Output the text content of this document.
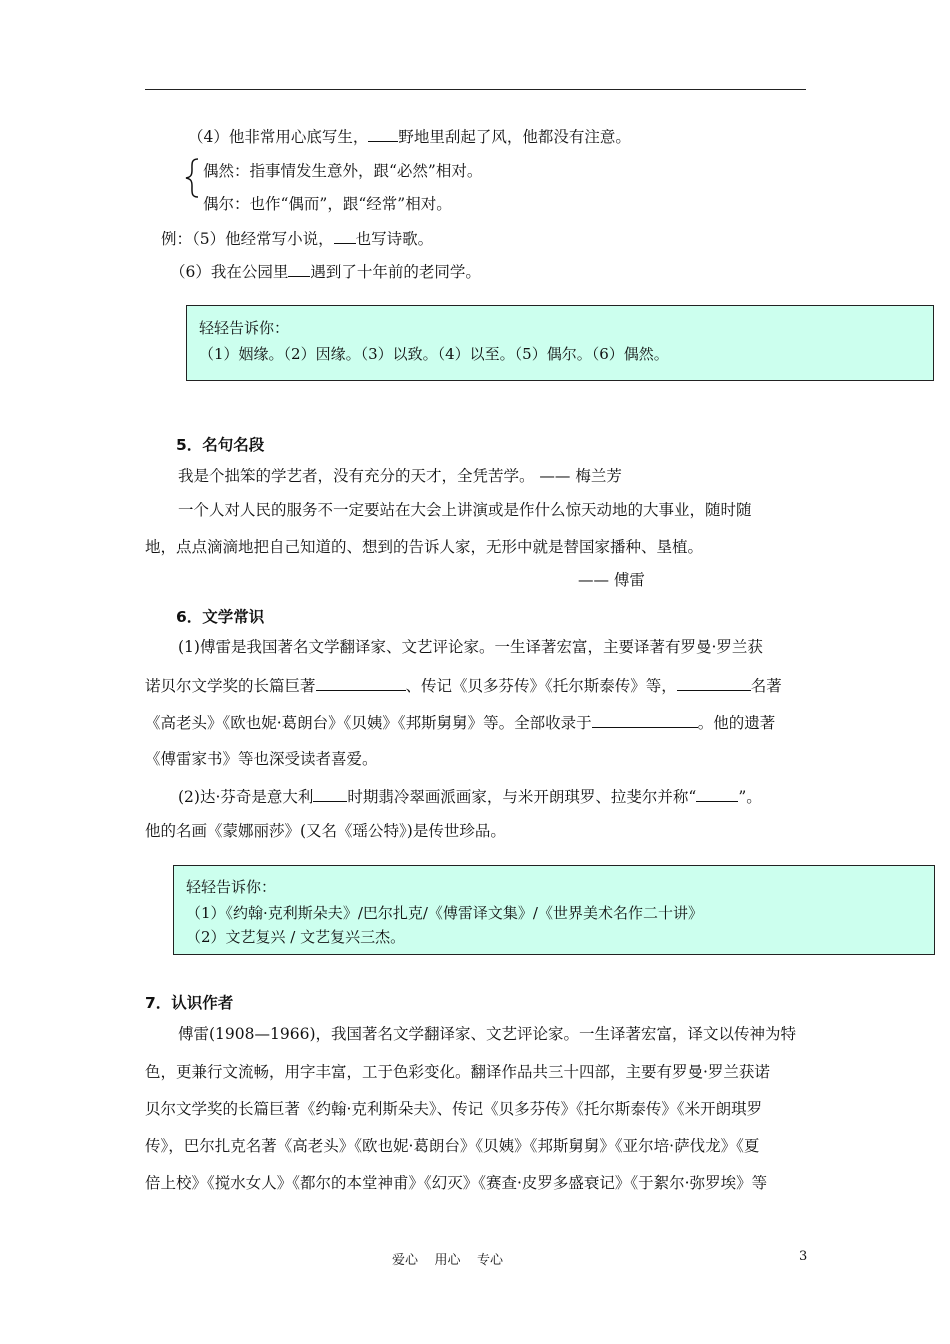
（4）他非常用心底写生， 野地里刮起了风，他都没有注意。
偶然：指事情发生意外，跟“必然”相对。
偶尔：也作“偶而”，跟“经常”相对。
例：（5）他经常写小说， 也写诗歌。
（6）我在公园里 遇到了十年前的老同学。
轻轻告诉你：
（1）姻缘。（2）因缘。（3）以致。（4）以至。（5）偶尔。（6）偶然。
5．名句名段
我是个拙笨的学艺者，没有充分的天才，全凭苦学。 —— 梅兰芳
一个人对人民的服务不一定要站在大会上讲演或是作什么惊天动地的大事业，随时随
地，点点滴滴地把自己知道的、想到的告诉人家，无形中就是替国家播种、垦植。
—— 傅雷
6．文学常识
(1)傅雷是我国著名文学翻译家、文艺评论家。一生译著宏富，主要译著有罗曼·罗兰获
诺贝尔文学奖的长篇巨著	、传记《贝多芬传》《托尔斯泰传》等，	名著
《高老头》《欧也妮·葛朗台》《贝姨》《邦斯舅舅》等。全部收录于	。他的遗著
《傅雷家书》等也深受读者喜爱。
(2)达·芬奇是意大利 时期翡冷翠画派画家，与米开朗琪罗、拉斐尔并称“	”。
他的名画《蒙娜丽莎》(又名《瑶公特》)是传世珍品。
轻轻告诉你：
（1）《约翰·克利斯朵夫》/巴尔扎克/《傅雷译文集》/《世界美术名作二十讲》
（2）文艺复兴 / 文艺复兴三杰。
7．认识作者
傅雷(1908—1966)，我国著名文学翻译家、文艺评论家。一生译著宏富，译文以传神为特
色，更兼行文流畅，用字丰富，工于色彩变化。翻译作品共三十四部，主要有罗曼·罗兰获诺
贝尔文学奖的长篇巨著《约翰·克利斯朵夫》、传记《贝多芬传》《托尔斯泰传》《米开朗琪罗
传》，巴尔扎克名著《高老头》《欧也妮·葛朗台》《贝姨》《邦斯舅舅》《亚尔培·萨伐龙》《夏
倍上校》《搅水女人》《都尔的本堂神甫》《幻灭》《赛查·皮罗多盛衰记》《于絮尔·弥罗埃》等
爱心    用心    专心	3
